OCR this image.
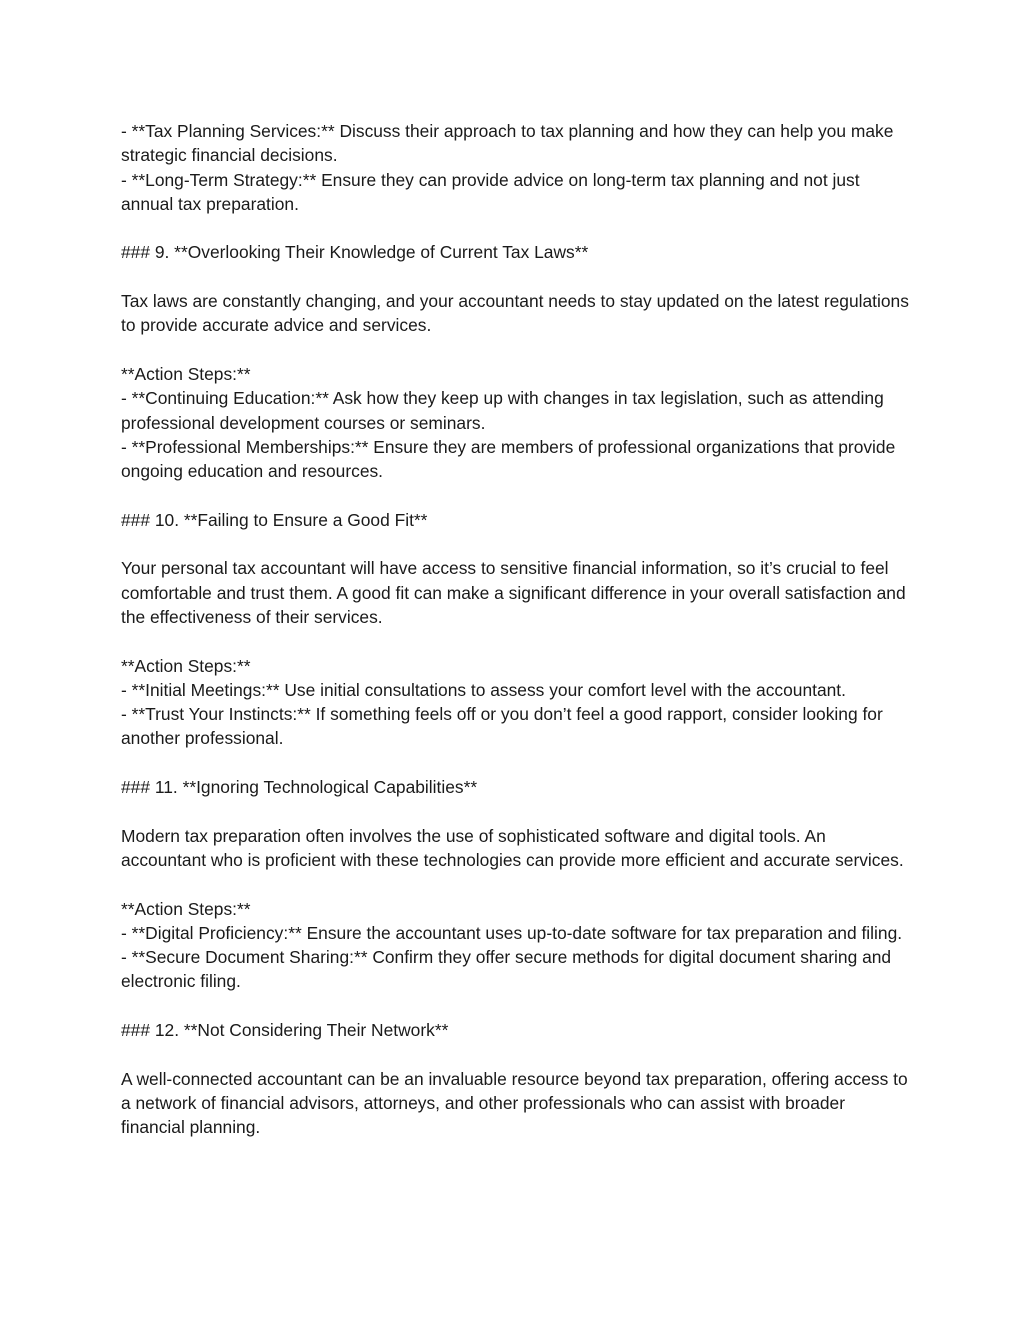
- **Tax Planning Services:** Discuss their approach to tax planning and how they can help you make strategic financial decisions.
- **Long-Term Strategy:** Ensure they can provide advice on long-term tax planning and not just annual tax preparation.
### 9. **Overlooking Their Knowledge of Current Tax Laws**
Tax laws are constantly changing, and your accountant needs to stay updated on the latest regulations to provide accurate advice and services.
**Action Steps:**
- **Continuing Education:** Ask how they keep up with changes in tax legislation, such as attending professional development courses or seminars.
- **Professional Memberships:** Ensure they are members of professional organizations that provide ongoing education and resources.
### 10. **Failing to Ensure a Good Fit**
Your personal tax accountant will have access to sensitive financial information, so it’s crucial to feel comfortable and trust them. A good fit can make a significant difference in your overall satisfaction and the effectiveness of their services.
**Action Steps:**
- **Initial Meetings:** Use initial consultations to assess your comfort level with the accountant.
- **Trust Your Instincts:** If something feels off or you don’t feel a good rapport, consider looking for another professional.
### 11. **Ignoring Technological Capabilities**
Modern tax preparation often involves the use of sophisticated software and digital tools. An accountant who is proficient with these technologies can provide more efficient and accurate services.
**Action Steps:**
- **Digital Proficiency:** Ensure the accountant uses up-to-date software for tax preparation and filing.
- **Secure Document Sharing:** Confirm they offer secure methods for digital document sharing and electronic filing.
### 12. **Not Considering Their Network**
A well-connected accountant can be an invaluable resource beyond tax preparation, offering access to a network of financial advisors, attorneys, and other professionals who can assist with broader financial planning.
